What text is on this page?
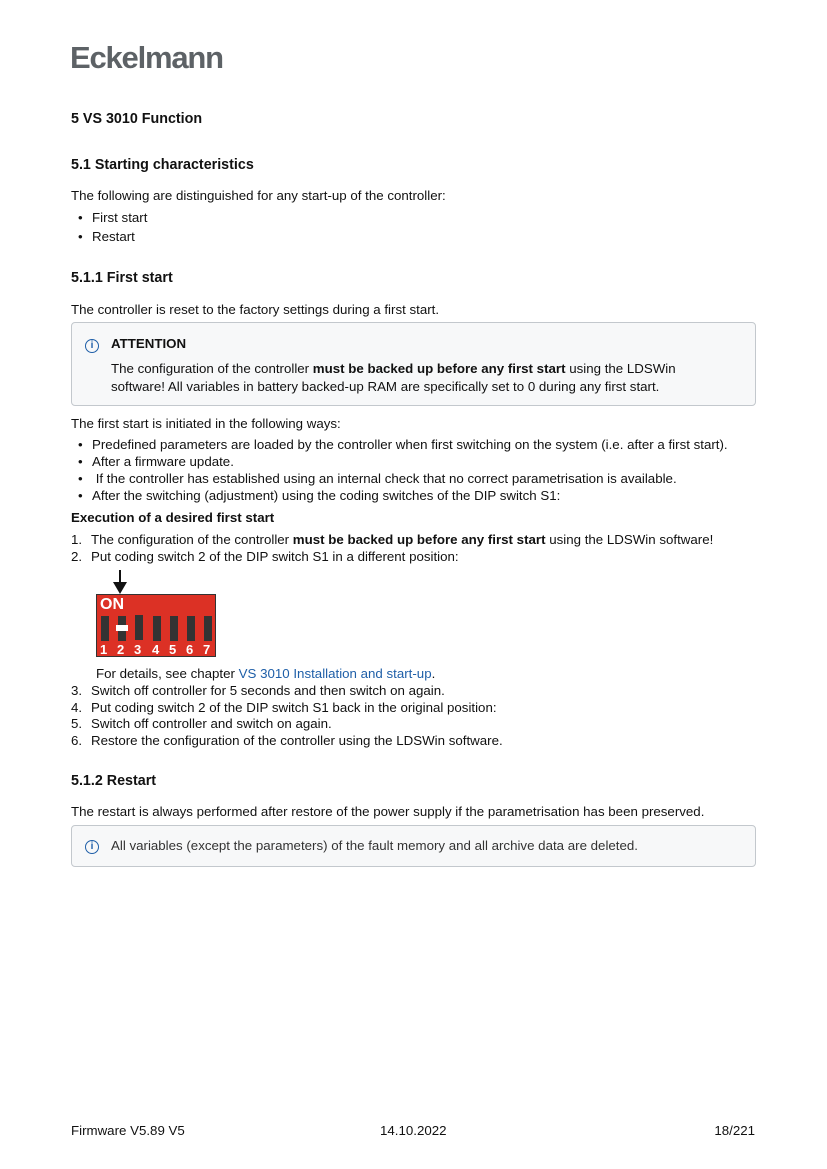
Eckelmann
5 VS 3010 Function
5.1 Starting characteristics
The following are distinguished for any start-up of the controller:
• First start
• Restart
5.1.1 First start
The controller is reset to the factory settings during a first start.
i	ATTENTION
The configuration of the controller must be backed up before any first start using the LDSWin
software! All variables in battery backed-up RAM are specifically set to 0 during any first start.
The first start is initiated in the following ways:
• Predefined parameters are loaded by the controller when first switching on the system (i.e. after a first start).
• After a firmware update.
• If the controller has established using an internal check that no correct parametrisation is available.
• After the switching (adjustment) using the coding switches of the DIP switch S1:
Execution of a desired first start
1. The configuration of the controller must be backed up before any first start using the LDSWin software!
2. Put coding switch 2 of the DIP switch S1 in a different position:
ON
1 2 3 4 5 6 7
For details, see chapter VS 3010 Installation and start-up.
3. Switch off controller for 5 seconds and then switch on again.
4. Put coding switch 2 of the DIP switch S1 back in the original position:
5. Switch off controller and switch on again.
6. Restore the configuration of the controller using the LDSWin software.
5.1.2 Restart
The restart is always performed after restore of the power supply if the parametrisation has been preserved.
i	All variables (except the parameters) of the fault memory and all archive data are deleted.
Firmware V5.89 V5	14.10.2022	18/221
